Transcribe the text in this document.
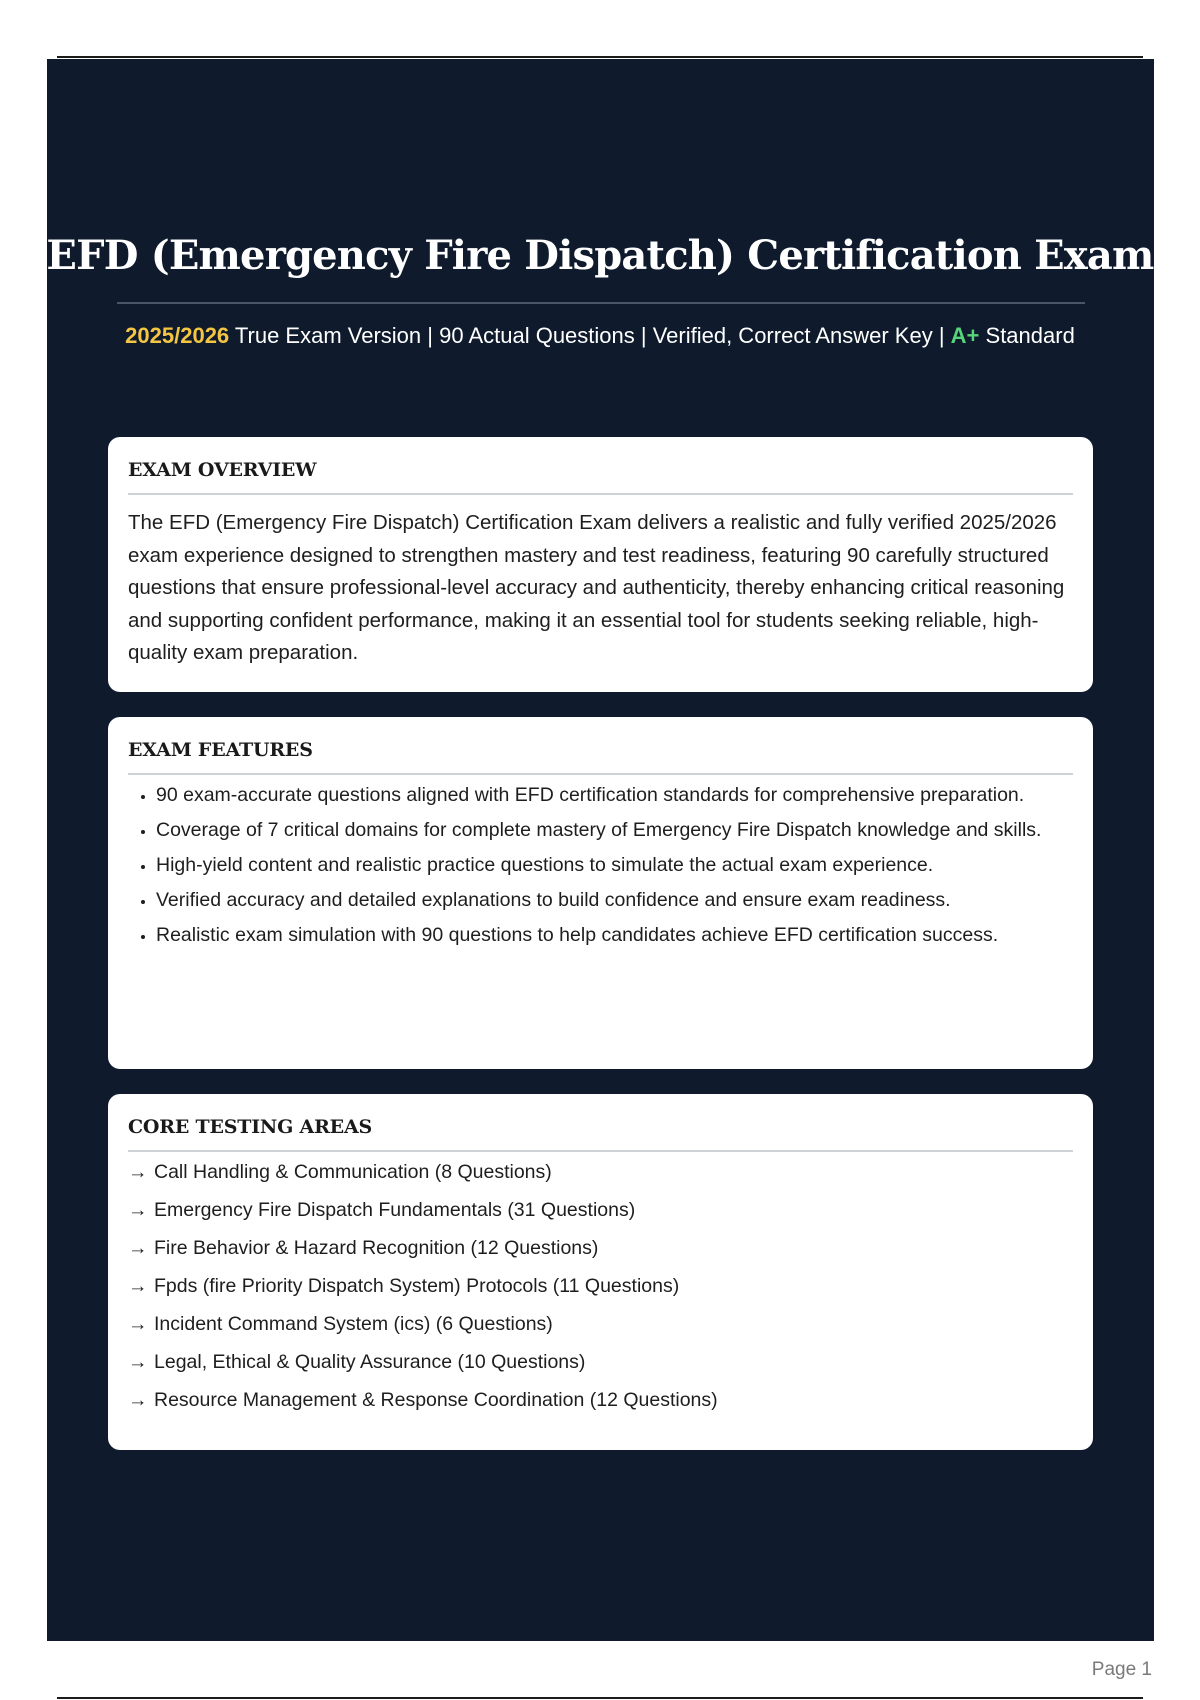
EFD (Emergency Fire Dispatch) Certification Exam

2025/2026 True Exam Version | 90 Actual Questions | Verified, Correct Answer Key | A+ Standard

EXAM OVERVIEW

The EFD (Emergency Fire Dispatch) Certification Exam delivers a realistic and fully verified 2025/2026 exam experience designed to strengthen mastery and test readiness, featuring 90 carefully structured questions that ensure professional-level accuracy and authenticity, thereby enhancing critical reasoning and supporting confident performance, making it an essential tool for students seeking reliable, high-quality exam preparation.

EXAM FEATURES
• 90 exam-accurate questions aligned with EFD certification standards for comprehensive preparation.
• Coverage of 7 critical domains for complete mastery of Emergency Fire Dispatch knowledge and skills.
• High-yield content and realistic practice questions to simulate the actual exam experience.
• Verified accuracy and detailed explanations to build confidence and ensure exam readiness.
• Realistic exam simulation with 90 questions to help candidates achieve EFD certification success.
CORE TESTING AREAS
→ Call Handling & Communication (8 Questions)
→ Emergency Fire Dispatch Fundamentals (31 Questions)
→ Fire Behavior & Hazard Recognition (12 Questions)
→ Fpds (fire Priority Dispatch System) Protocols (11 Questions)
→ Incident Command System (ics) (6 Questions)
→ Legal, Ethical & Quality Assurance (10 Questions)
→ Resource Management & Response Coordination (12 Questions)
Page 1
